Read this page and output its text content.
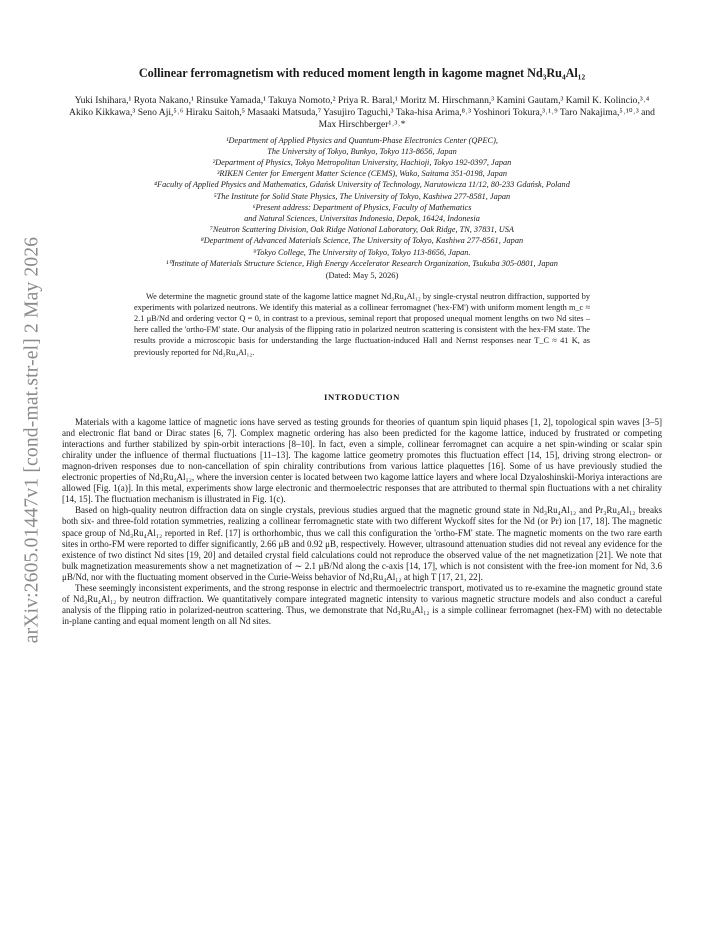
arXiv:2605.01447v1 [cond-mat.str-el] 2 May 2026
Collinear ferromagnetism with reduced moment length in kagome magnet Nd₃Ru₄Al₁₂
Yuki Ishihara,¹ Ryota Nakano,¹ Rinsuke Yamada,¹ Takuya Nomoto,² Priya R. Baral,¹ Moritz M. Hirschmann,³ Kamini Gautam,³ Kamil K. Kolincio,³˒⁴ Akiko Kikkawa,³ Seno Aji,⁵˒⁶ Hiraku Saitoh,⁵ Masaaki Matsuda,⁷ Yasujiro Taguchi,³ Taka-hisa Arima,⁸˒³ Yoshinori Tokura,³˒¹˒⁹ Taro Nakajima,⁵˒¹⁰˒³ and Max Hirschberger¹˒³˒*
¹Department of Applied Physics and Quantum-Phase Electronics Center (QPEC),
The University of Tokyo, Bunkyo, Tokyo 113-8656, Japan
²Department of Physics, Tokyo Metropolitan University, Hachioji, Tokyo 192-0397, Japan
³RIKEN Center for Emergent Matter Science (CEMS), Wako, Saitama 351-0198, Japan
⁴Faculty of Applied Physics and Mathematics, Gdańsk University of Technology, Narutowicza 11/12, 80-233 Gdańsk, Poland
⁵The Institute for Solid State Physics, The University of Tokyo, Kashiwa 277-8581, Japan
⁶Present address: Department of Physics, Faculty of Mathematics
and Natural Sciences, Universitas Indonesia, Depok, 16424, Indonesia
⁷Neutron Scattering Division, Oak Ridge National Laboratory, Oak Ridge, TN, 37831, USA
⁸Department of Advanced Materials Science, The University of Tokyo, Kashiwa 277-8561, Japan
⁹Tokyo College, The University of Tokyo, Tokyo 113-8656, Japan.
¹⁰Institute of Materials Structure Science, High Energy Accelerator Research Organization, Tsukuba 305-0801, Japan
(Dated: May 5, 2026)

We determine the magnetic ground state of the kagome lattice magnet Nd₃Ru₄Al₁₂ by single-crystal neutron diffraction, supported by experiments with polarized neutrons. We identify this material as a collinear ferromagnet ('hex-FM') with uniform moment length m_c ≈ 2.1 μB/Nd and ordering vector Q = 0, in contrast to a previous, seminal report that proposed unequal moment lengths on two Nd sites – here called the 'ortho-FM' state. Our analysis of the flipping ratio in polarized neutron scattering is consistent with the hex-FM state. The results provide a microscopic basis for understanding the large fluctuation-induced Hall and Nernst responses near T_C ≈ 41 K, as previously reported for Nd₃Ru₄Al₁₂.

INTRODUCTION

Materials with a kagome lattice of magnetic ions have served as testing grounds for theories of quantum spin liquid phases [1, 2], topological spin waves [3–5] and electronic flat band or Dirac states [6, 7]. Complex magnetic ordering has also been predicted for the kagome lattice, induced by frustrated or competing interactions and further stabilized by spin-orbit interactions [8–10]. In fact, even a simple, collinear ferromagnet can acquire a net spin-winding or scalar spin chirality under the influence of thermal fluctuations [11–13]. The kagome lattice geometry promotes this fluctuation effect [14, 15], driving strong electron- or magnon-driven responses due to non-cancellation of spin chirality contributions from various lattice plaquettes [16]. Some of us have previously studied the electronic properties of Nd₃Ru₄Al₁₂, where the inversion center is located between two kagome lattice layers and where local Dzyaloshinskii-Moriya interactions are allowed [Fig. 1(a)]. In this metal, experiments show large electronic and thermoelectric responses that are attributed to thermal spin fluctuations with a net chirality [14, 15]. The fluctuation mechanism is illustrated in Fig. 1(c).

Based on high-quality neutron diffraction data on single crystals, previous studies argued that the magnetic ground state in Nd₃Ru₄Al₁₂ and Pr₃Ru₄Al₁₂ breaks both six- and three-fold rotation symmetries, realizing a collinear ferromagnetic state with two different Wyckoff sites for the Nd (or Pr) ion [17, 18]. The magnetic space group of Nd₃Ru₄Al₁₂ reported in Ref. [17] is orthorhombic, thus we call this configuration the 'ortho-FM' state. The magnetic moments on the two rare earth sites in ortho-FM were reported to differ significantly, 2.66 μB and 0.92 μB, respectively. However, ultrasound attenuation studies did not reveal any evidence for the existence of two distinct Nd sites [19, 20] and detailed crystal field calculations could not reproduce the observed value of the net magnetization [21]. We note that bulk magnetization measurements show a net magnetization of ∼ 2.1 μB/Nd along the c-axis [14, 17], which is not consistent with the free-ion moment for Nd, 3.6 μB/Nd, nor with the fluctuating moment observed in the Curie-Weiss behavior of Nd₃Ru₄Al₁₂ at high T [17, 21, 22].

These seemingly inconsistent experiments, and the strong response in electric and thermoelectric transport, motivated us to re-examine the magnetic ground state of Nd₃Ru₄Al₁₂ by neutron diffraction. We quantitatively compare integrated magnetic intensity to various magnetic structure models and also conduct a careful analysis of the flipping ratio in polarized-neutron scattering. Thus, we demonstrate that Nd₃Ru₄Al₁₂ is a simple collinear ferromagnet (hex-FM) with no detectable in-plane canting and equal moment length on all Nd sites.
